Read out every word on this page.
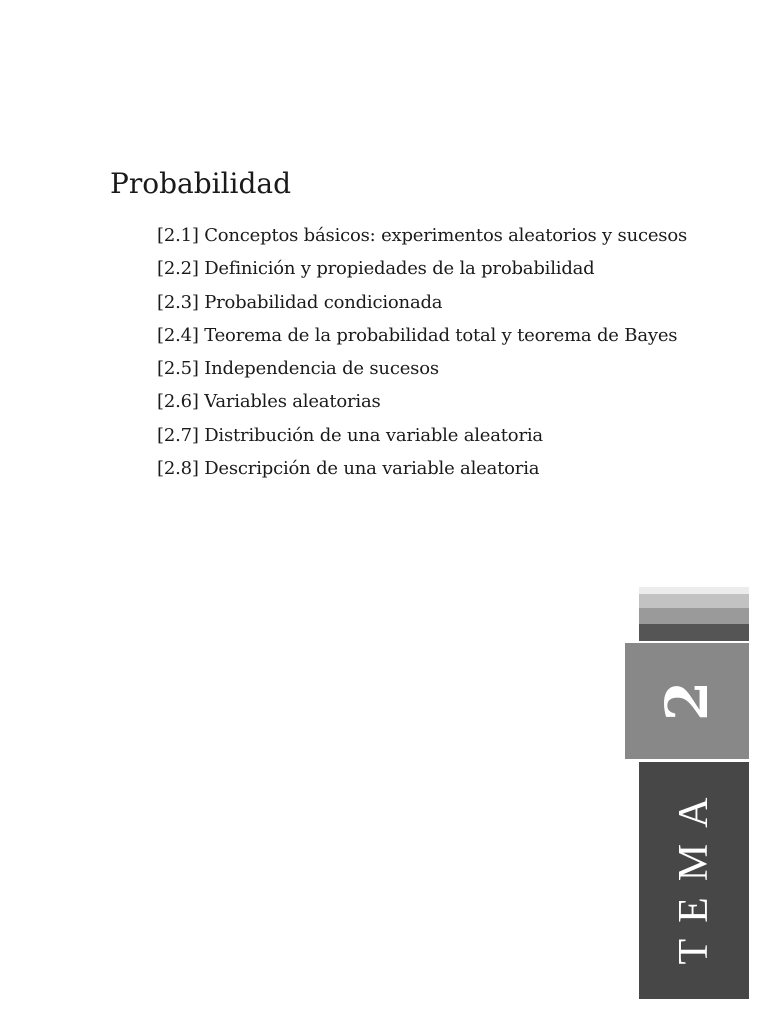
Probabilidad
[2.1] Conceptos básicos: experimentos aleatorios y sucesos
[2.2] Definición y propiedades de la probabilidad
[2.3] Probabilidad condicionada
[2.4] Teorema de la probabilidad total y teorema de Bayes
[2.5] Independencia de sucesos
[2.6] Variables aleatorias
[2.7] Distribución de una variable aleatoria
[2.8] Descripción de una variable aleatoria
2
TEMA
